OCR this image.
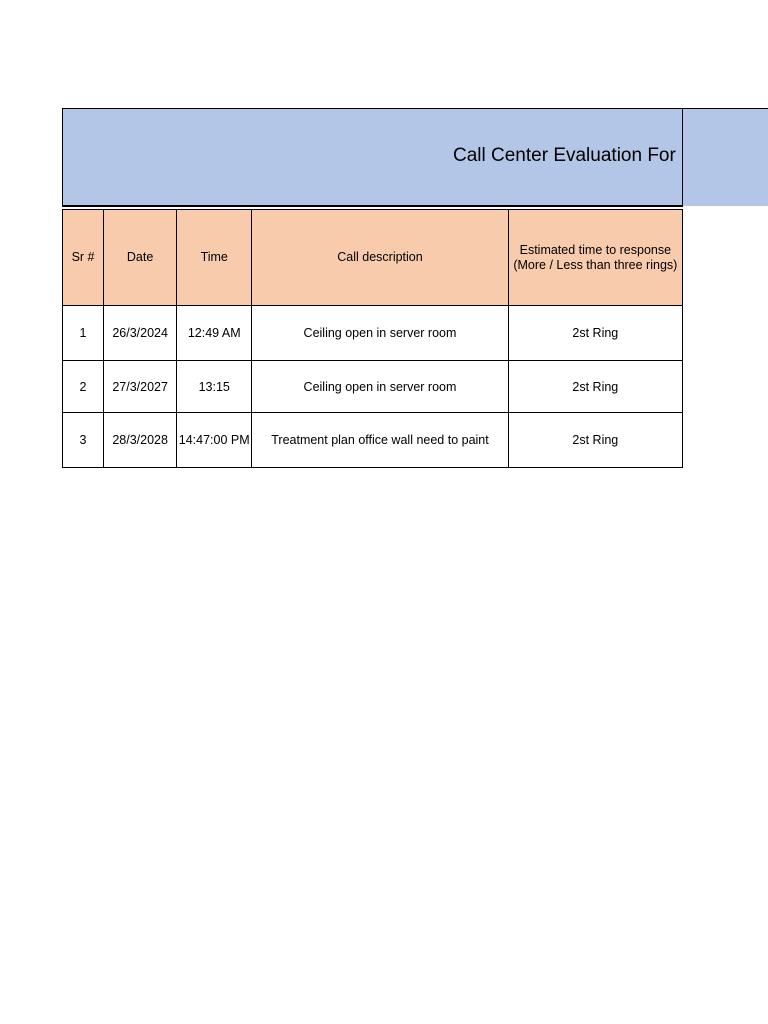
Call Center Evaluation For
Sr #	Date	Time	Call description	Estimated time to response
(More / Less than three rings)

1	26/3/2024	12:49 AM	Ceiling open in server room	2st Ring
2	27/3/2027	13:15	Ceiling open in server room	2st Ring
3	28/3/2028	14:47:00 PM	Treatment plan office wall need to paint	2st Ring
